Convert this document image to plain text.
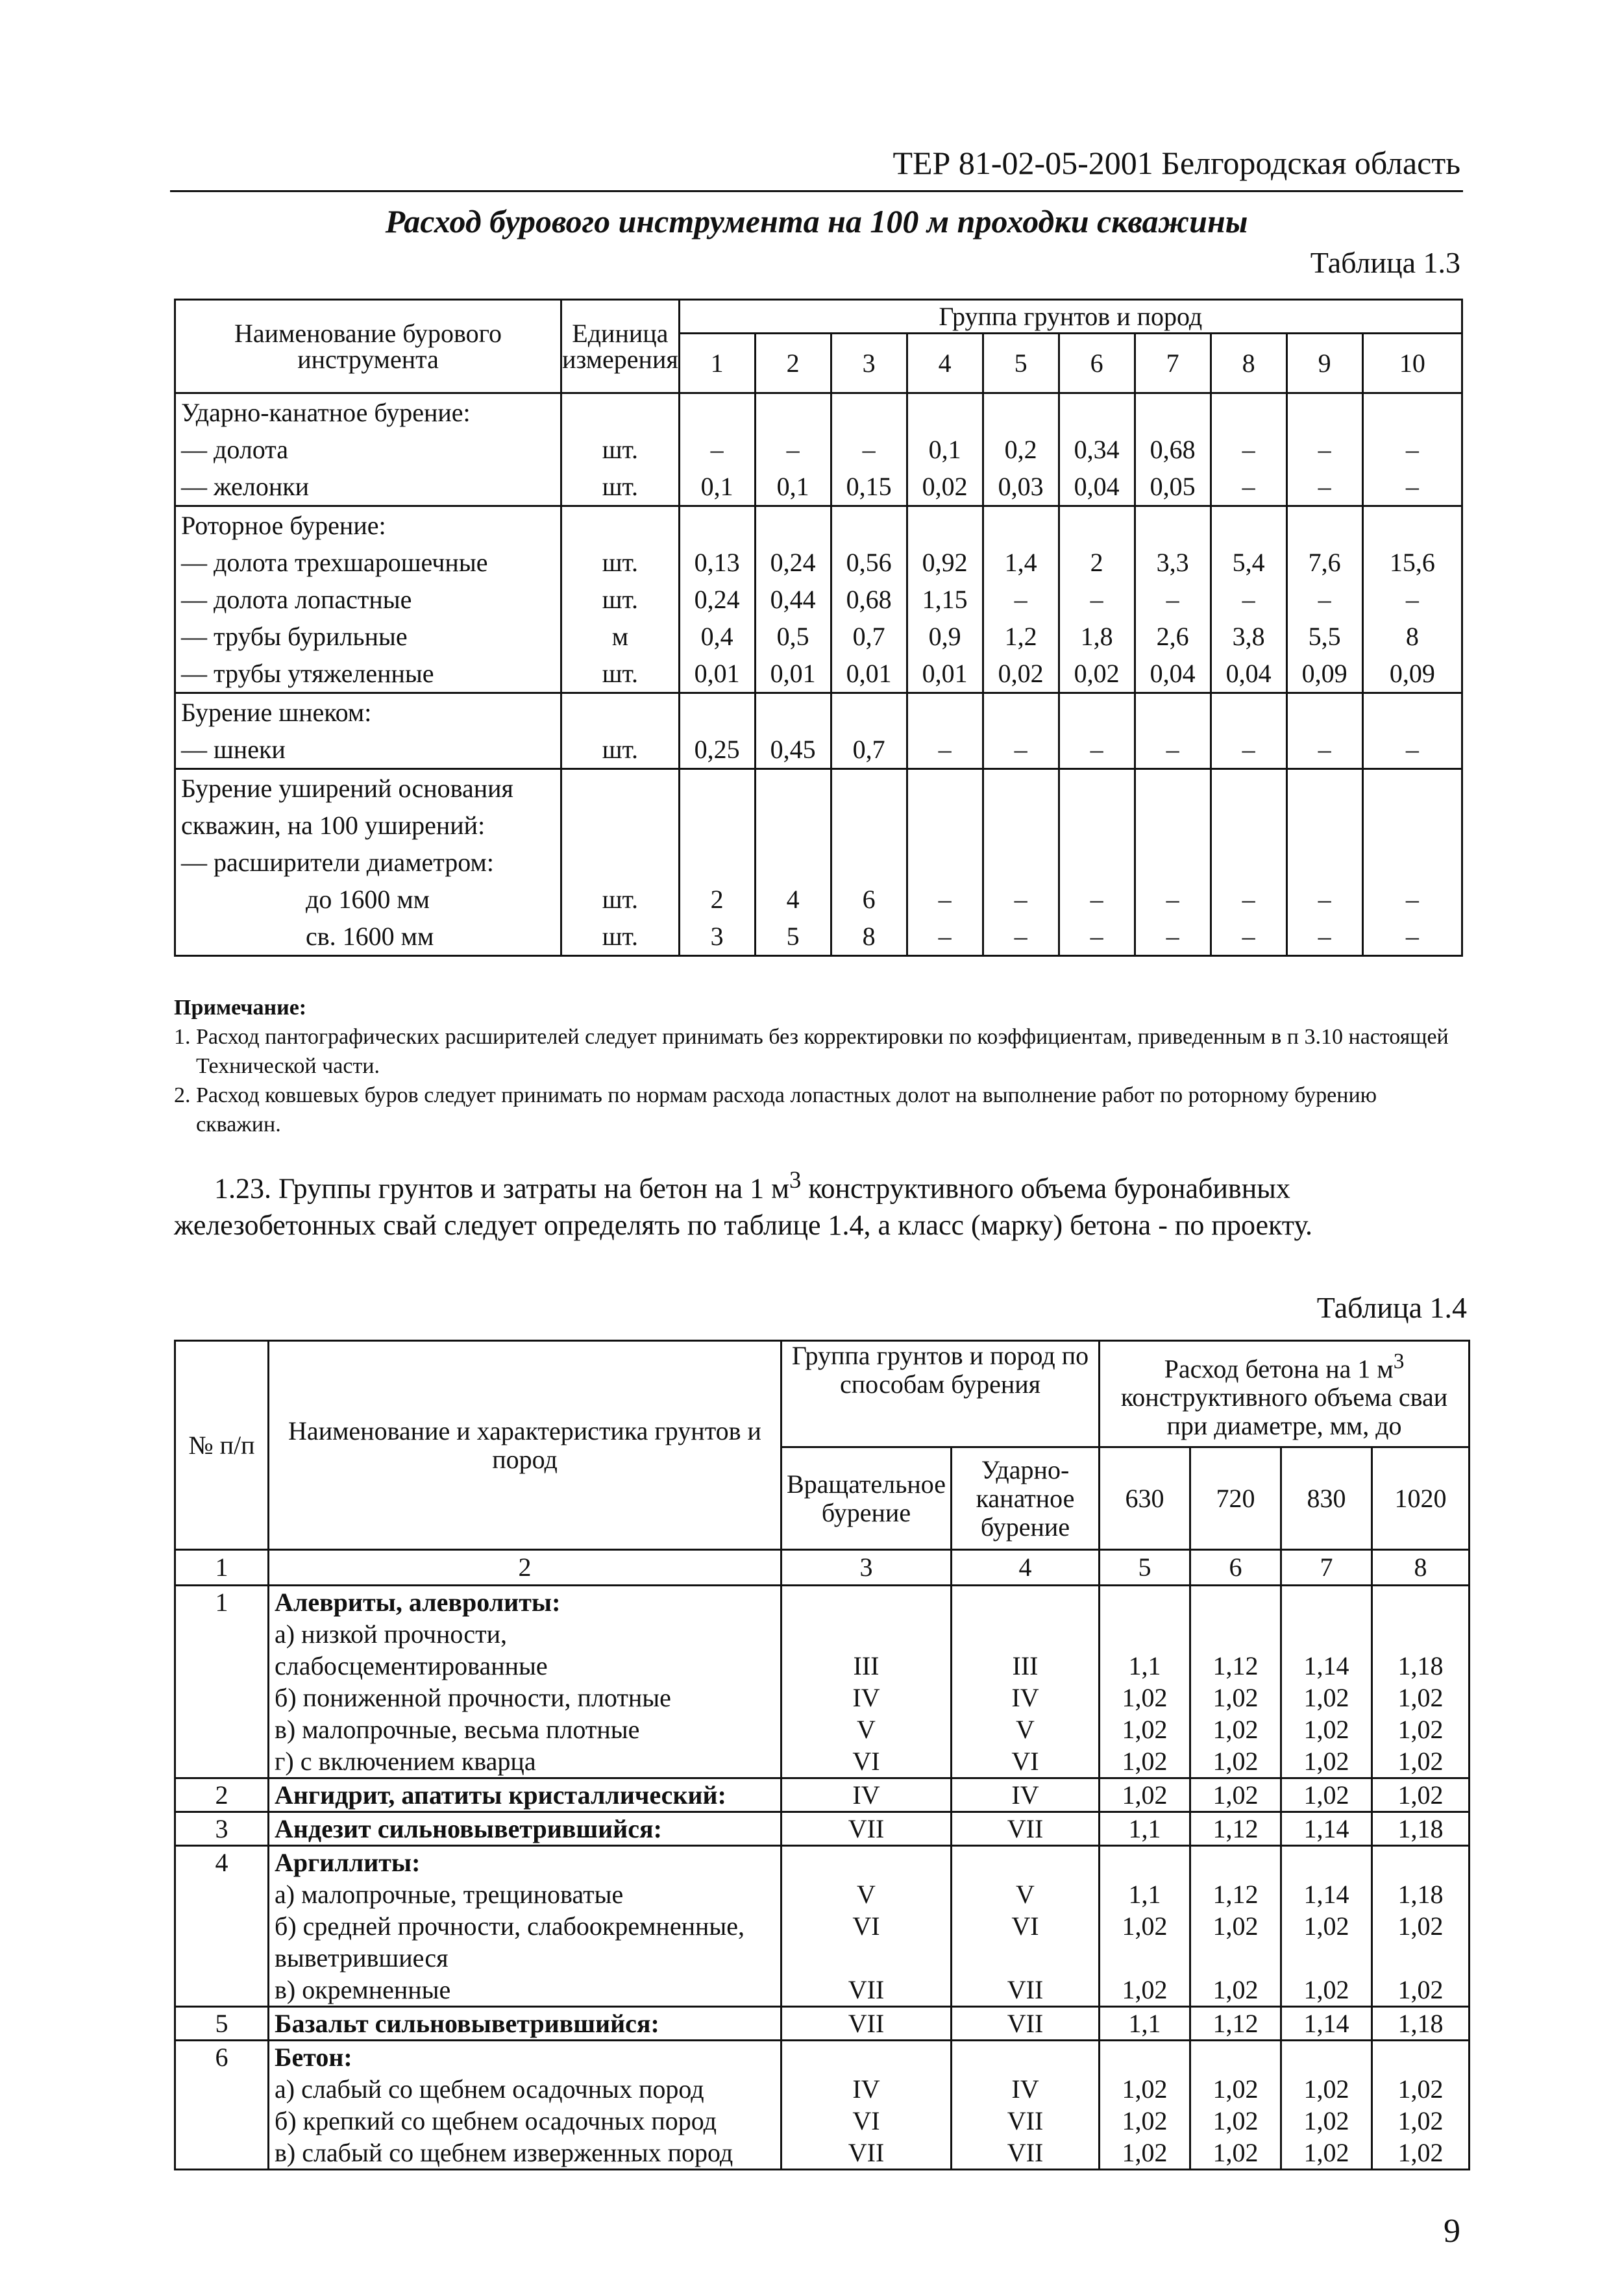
ТЕР 81-02-05-2001 Белгородская область
Расход бурового инструмента на 100 м проходки скважины
Таблица 1.3
Наименование бурового инструмента	Единица измерения	Группа грунтов и пород									
		1	2	3	4	5	6	7	8	9	10
Ударно-канатное бурение:											
— долота	шт.	–	–	–	0,1	0,2	0,34	0,68	–	–	–
— желонки	шт.	0,1	0,1	0,15	0,02	0,03	0,04	0,05	–	–	–
Роторное бурение:											
— долота трехшарошечные	шт.	0,13	0,24	0,56	0,92	1,4	2	3,3	5,4	7,6	15,6
— долота лопастные	шт.	0,24	0,44	0,68	1,15	–	–	–	–	–	–
— трубы бурильные	м	0,4	0,5	0,7	0,9	1,2	1,8	2,6	3,8	5,5	8
— трубы утяжеленные	шт.	0,01	0,01	0,01	0,01	0,02	0,02	0,04	0,04	0,09	0,09
Бурение шнеком:											
— шнеки	шт.	0,25	0,45	0,7	–	–	–	–	–	–	–
Бурение уширений основания											
скважин, на 100 уширений:											
— расширители диаметром:											
до 1600 мм	шт.	2	4	6	–	–	–	–	–	–	–
св. 1600 мм	шт.	3	5	8	–	–	–	–	–	–	–
Примечание:
1. Расход пантографических расширителей следует принимать без корректировки по коэффициентам, приведенным в п 3.10 настоящей Технической части.
2. Расход ковшевых буров следует принимать по нормам расхода лопастных долот на выполнение работ по роторному бурению скважин.
1.23. Группы грунтов и затраты на бетон на 1 $м^3$ конструктивного объема буронабивных
железобетонных свай следует определять по таблице 1.4, а класс (марку) бетона - по проекту.
Таблица 1.4
№ п/п	Наименование и характеристика грунтов и пород	Группа грунтов и пород по способам бурения		Расход бетона на 1 $м^3$ конструктивного объема сваи при диаметре, мм, до			
		Вращательное бурение	Ударно-канатное бурение	630	720	830	1020
1	2	3	4	5	6	7	8
1	Алевриты, алевролиты:						
	а) низкой прочности,						
	слабосцементированные	III	III	1,1	1,12	1,14	1,18
	б) пониженной прочности, плотные	IV	IV	1,02	1,02	1,02	1,02
	в) малопрочные, весьма плотные	V	V	1,02	1,02	1,02	1,02
	г) с включением кварца	VI	VI	1,02	1,02	1,02	1,02
2	Ангидрит, апатиты кристаллический:	IV	IV	1,02	1,02	1,02	1,02
3	Андезит сильновыветрившийся:	VII	VII	1,1	1,12	1,14	1,18
4	Аргиллиты:						
	а) малопрочные, трещиноватые	V	V	1,1	1,12	1,14	1,18
	б) средней прочности, слабоокремненные,	VI	VI	1,02	1,02	1,02	1,02
	выветрившиеся						
	в) окремненные	VII	VII	1,02	1,02	1,02	1,02
5	Базальт сильновыветрившийся:	VII	VII	1,1	1,12	1,14	1,18
6	Бетон:						
	а) слабый со щебнем осадочных пород	IV	IV	1,02	1,02	1,02	1,02
	б) крепкий со щебнем осадочных пород	VI	VII	1,02	1,02	1,02	1,02
	в) слабый со щебнем изверженных пород	VII	VII	1,02	1,02	1,02	1,02
9
